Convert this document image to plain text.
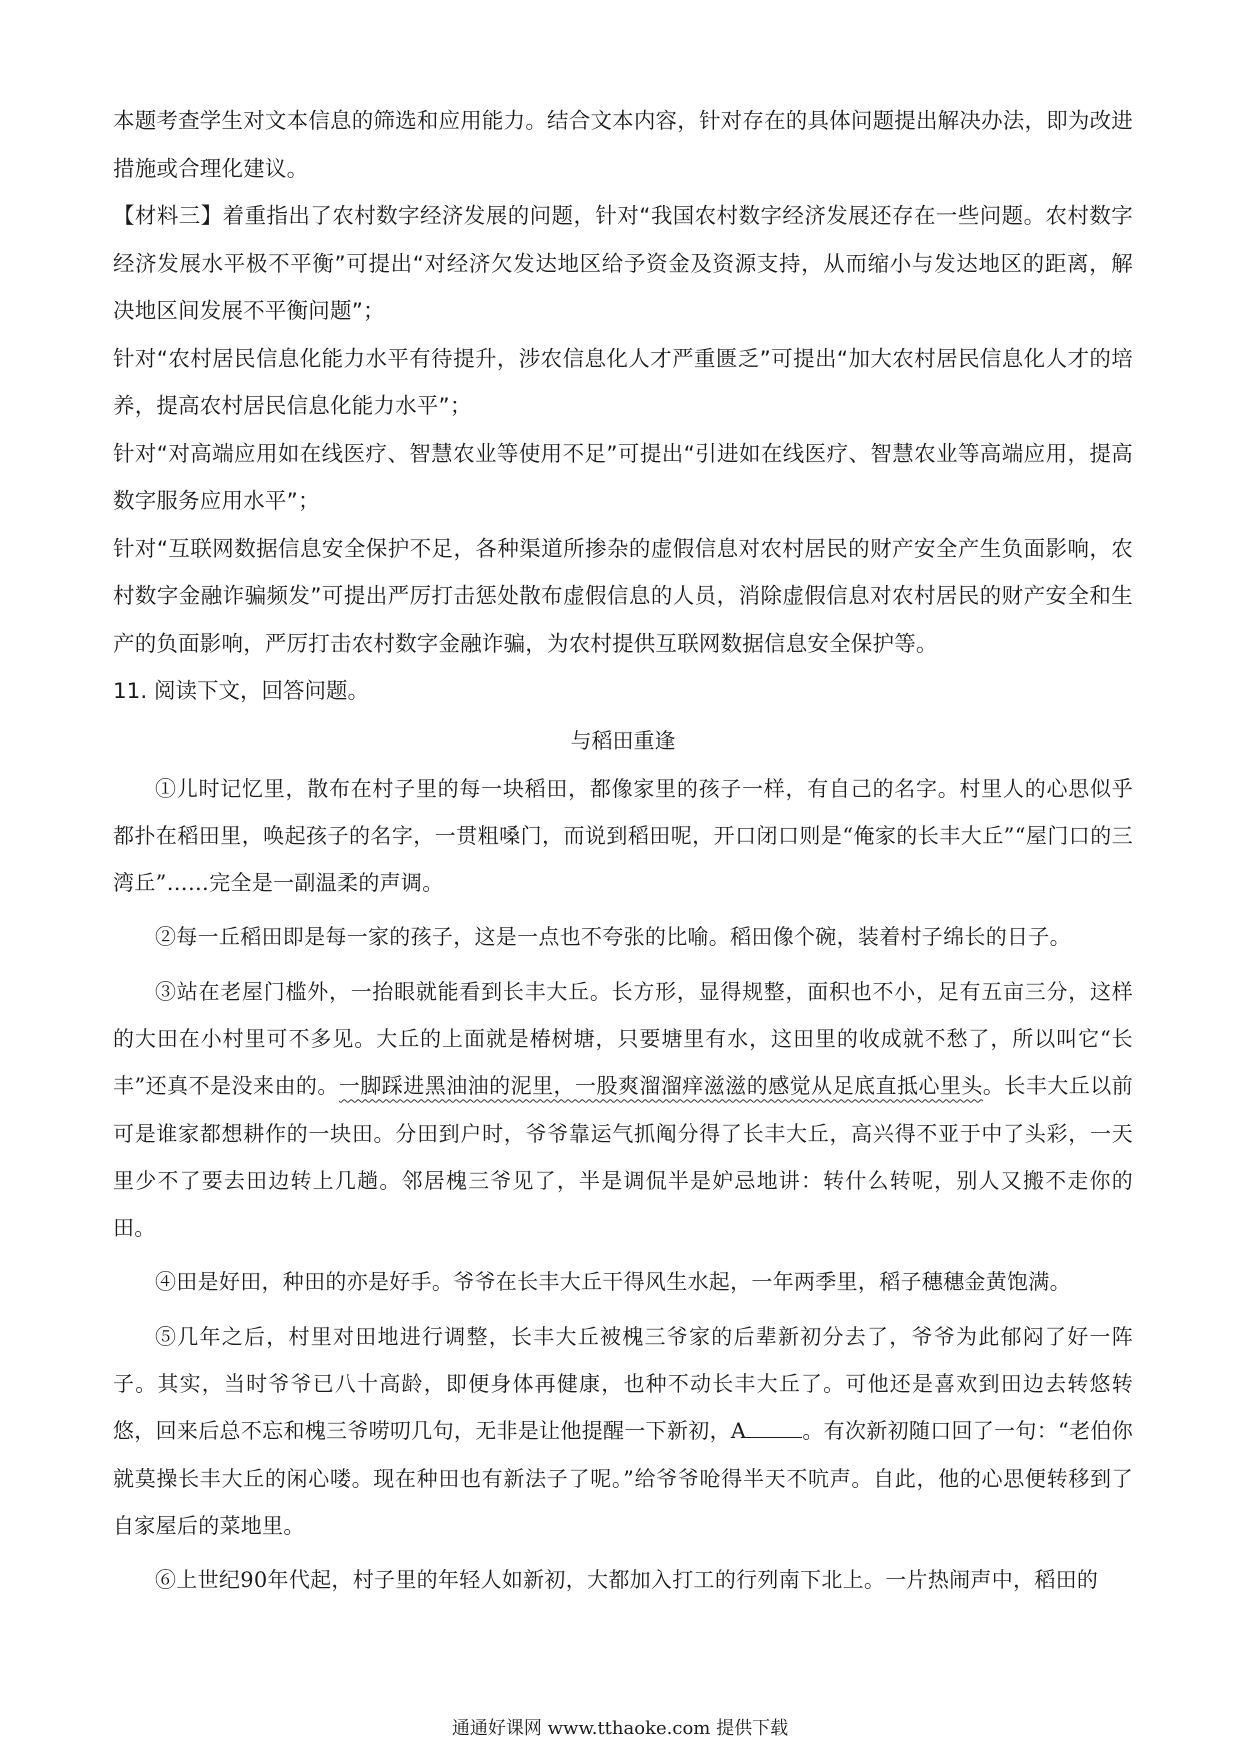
本题考查学生对文本信息的筛选和应用能力。结合文本内容，针对存在的具体问题提出解决办法，即为改进措施或合理化建议。

【材料三】着重指出了农村数字经济发展的问题，针对“我国农村数字经济发展还存在一些问题。农村数字经济发展水平极不平衡”可提出“对经济欠发达地区给予资金及资源支持，从而缩小与发达地区的距离，解决地区间发展不平衡问题”；

针对“农村居民信息化能力水平有待提升，涉农信息化人才严重匮乏”可提出“加大农村居民信息化人才的培养，提高农村居民信息化能力水平”；

针对“对高端应用如在线医疗、智慧农业等使用不足”可提出“引进如在线医疗、智慧农业等高端应用，提高数字服务应用水平”；

针对“互联网数据信息安全保护不足，各种渠道所掺杂的虚假信息对农村居民的财产安全产生负面影响，农村数字金融诈骗频发”可提出严厉打击惩处散布虚假信息的人员，消除虚假信息对农村居民的财产安全和生产的负面影响，严厉打击农村数字金融诈骗，为农村提供互联网数据信息安全保护等。

11. 阅读下文，回答问题。

与稻田重逢

①儿时记忆里，散布在村子里的每一块稻田，都像家里的孩子一样，有自己的名字。村里人的心思似乎都扑在稻田里，唤起孩子的名字，一贯粗嗓门，而说到稻田呢，开口闭口则是“俺家的长丰大丘”“屋门口的三湾丘”……完全是一副温柔的声调。

②每一丘稻田即是每一家的孩子，这是一点也不夸张的比喻。稻田像个碗，装着村子绵长的日子。

③站在老屋门槛外，一抬眼就能看到长丰大丘。长方形，显得规整，面积也不小，足有五亩三分，这样的大田在小村里可不多见。大丘的上面就是椿树塘，只要塘里有水，这田里的收成就不愁了，所以叫它“长丰”还真不是没来由的。一脚踩进黑油油的泥里，一股爽溜溜痒滋滋的感觉从足底直抵心里头。长丰大丘以前可是谁家都想耕作的一块田。分田到户时，爷爷靠运气抓阄分得了长丰大丘，高兴得不亚于中了头彩，一天里少不了要去田边转上几趟。邻居槐三爷见了，半是调侃半是妒忌地讲：转什么转呢，别人又搬不走你的田。

④田是好田，种田的亦是好手。爷爷在长丰大丘干得风生水起，一年两季里，稻子穗穗金黄饱满。

⑤几年之后，村里对田地进行调整，长丰大丘被槐三爷家的后辈新初分去了，爷爷为此郁闷了好一阵子。其实，当时爷爷已八十高龄，即便身体再健康，也种不动长丰大丘了。可他还是喜欢到田边去转悠转悠，回来后总不忘和槐三爷唠叨几句，无非是让他提醒一下新初，A	。有次新初随口回了一句：“老伯你就莫操长丰大丘的闲心喽。现在种田也有新法子了呢。”给爷爷呛得半天不吭声。自此，他的心思便转移到了自家屋后的菜地里。

⑥上世纪90年代起，村子里的年轻人如新初，大都加入打工的行列南下北上。一片热闹声中，稻田的

通通好课网 www.tthaoke.com 提供下载
